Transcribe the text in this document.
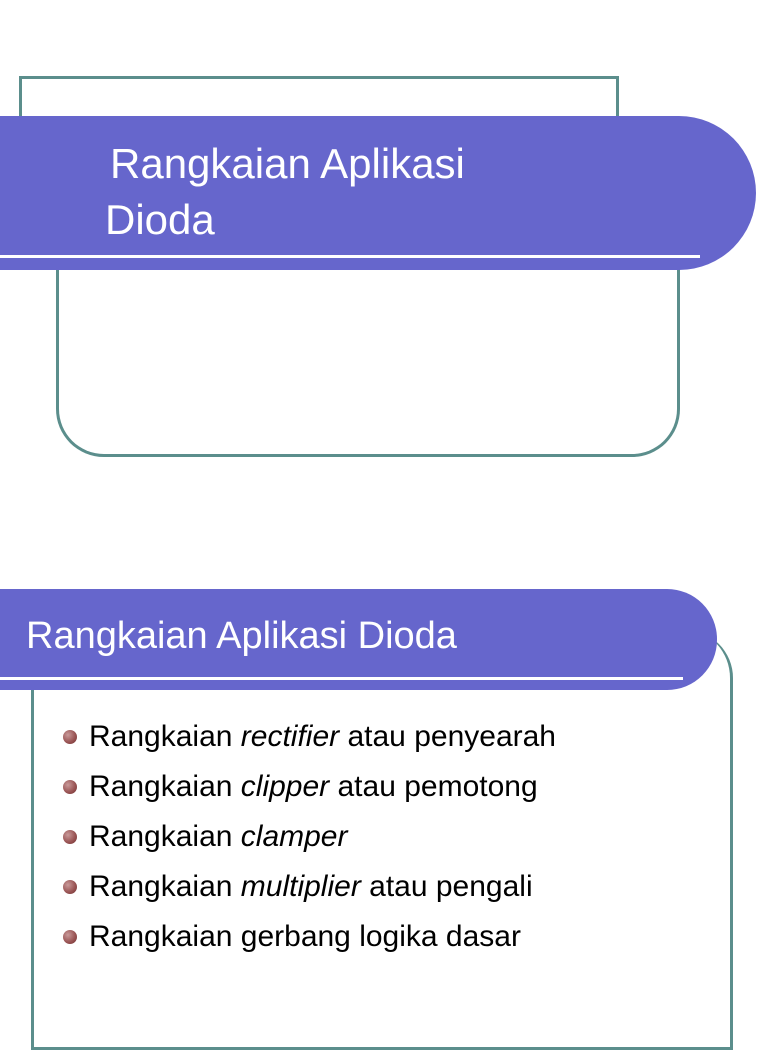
Rangkaian Aplikasi
Dioda
Rangkaian Aplikasi Dioda
Rangkaian rectifier atau penyearah
Rangkaian clipper atau pemotong
Rangkaian clamper
Rangkaian multiplier atau pengali
Rangkaian gerbang logika dasar
